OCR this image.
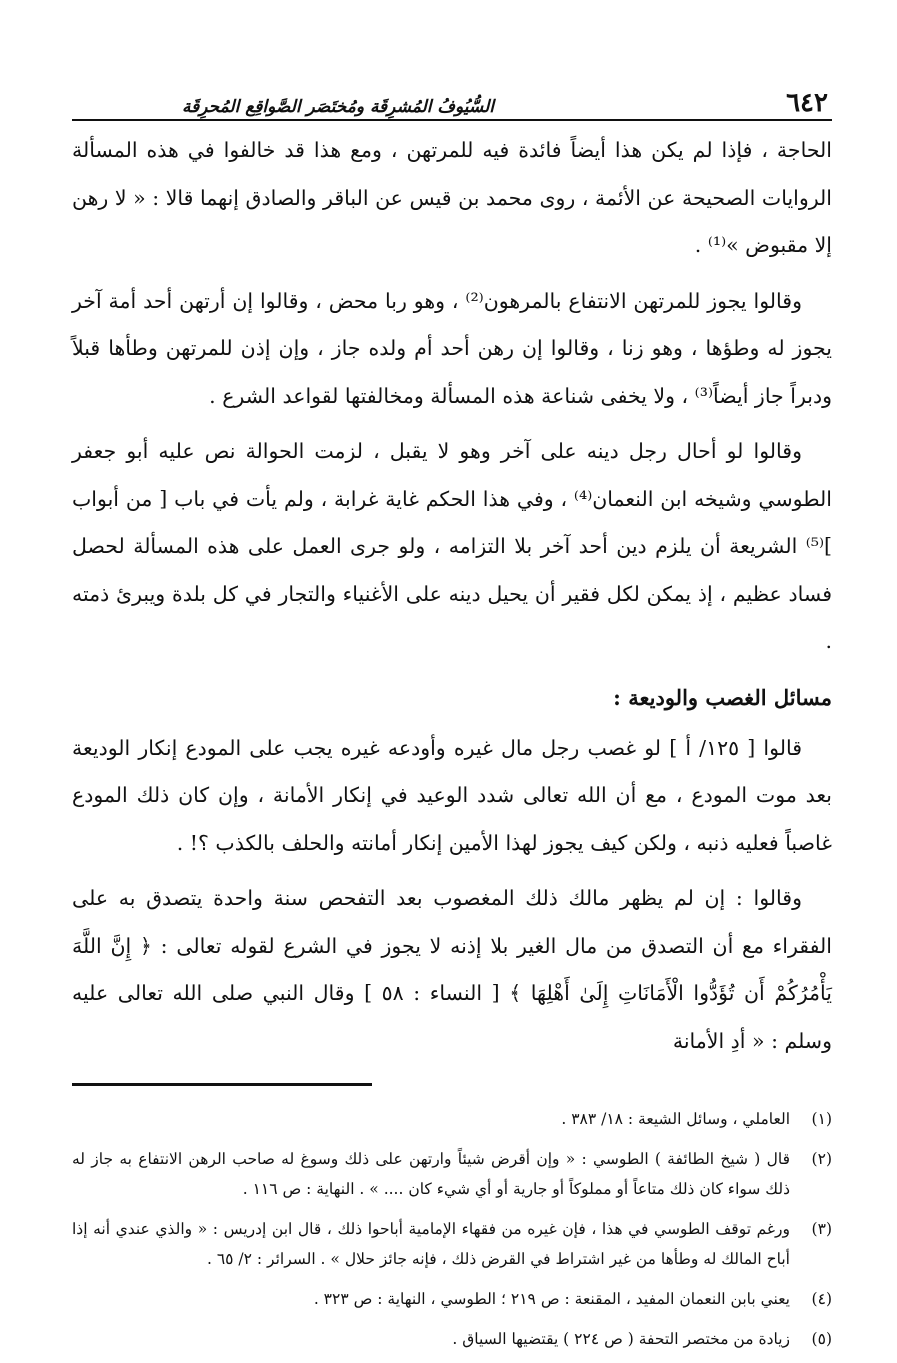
٦٤٢
السُّيُوفُ المُشرِقَة ومُختَصَر الصَّواقِع المُحرِقَة

الحاجة ، فإذا لم يكن هذا أيضاً فائدة فيه للمرتهن ، ومع هذا قد خالفوا في هذه المسألة الروايات الصحيحة عن الأئمة ، روى محمد بن قيس عن الباقر والصادق إنهما قالا : « لا رهن إلا مقبوض »⁽¹⁾ .

وقالوا يجوز للمرتهن الانتفاع بالمرهون⁽²⁾ ، وهو ربا محض ، وقالوا إن أرتهن أحد أمة آخر يجوز له وطؤها ، وهو زنا ، وقالوا إن رهن أحد أم ولده جاز ، وإن إذن للمرتهن وطأها قبلاً ودبراً جاز أيضاً⁽³⁾ ، ولا يخفى شناعة هذه المسألة ومخالفتها لقواعد الشرع .

وقالوا لو أحال رجل دينه على آخر وهو لا يقبل ، لزمت الحوالة نص عليه أبو جعفر الطوسي وشيخه ابن النعمان⁽⁴⁾ ، وفي هذا الحكم غاية غرابة ، ولم يأت في باب [ من أبواب ]⁽⁵⁾ الشريعة أن يلزم دين أحد آخر بلا التزامه ، ولو جرى العمل على هذه المسألة لحصل فساد عظيم ، إذ يمكن لكل فقير أن يحيل دينه على الأغنياء والتجار في كل بلدة ويبرئ ذمته .

مسائل الغصب والوديعة :

قالوا [ ١٢٥/ أ ] لو غصب رجل مال غيره وأودعه غيره يجب على المودع إنكار الوديعة بعد موت المودع ، مع أن الله تعالى شدد الوعيد في إنكار الأمانة ، وإن كان ذلك المودع غاصباً فعليه ذنبه ، ولكن كيف يجوز لهذا الأمين إنكار أمانته والحلف بالكذب ؟! .

وقالوا : إن لم يظهر مالك ذلك المغصوب بعد التفحص سنة واحدة يتصدق به على الفقراء مع أن التصدق من مال الغير بلا إذنه لا يجوز في الشرع لقوله تعالى : ﴿ إِنَّ اللَّهَ يَأْمُرُكُمْ أَن تُؤَدُّوا الْأَمَانَاتِ إِلَىٰ أَهْلِهَا ﴾ [ النساء : ٥٨ ] وقال النبي صلى الله تعالى عليه وسلم : « أدِ الأمانة

(١)
العاملي ، وسائل الشيعة : ١٨/ ٣٨٣ .
(٢)
قال ( شيخ الطائفة ) الطوسي : « وإن أقرض شيئاً وارتهن على ذلك وسوغ له صاحب الرهن الانتفاع به جاز له ذلك سواء كان ذلك متاعاً أو مملوكاً أو جارية أو أي شيء كان .... » . النهاية : ص ١١٦ .
(٣)
ورغم توقف الطوسي في هذا ، فإن غيره من فقهاء الإمامية أباحوا ذلك ، قال ابن إدريس : « والذي عندي أنه إذا أباح المالك له وطأها من غير اشتراط في القرض ذلك ، فإنه جائز حلال » . السرائر : ٢/ ٦٥ .
(٤)
يعني بابن النعمان المفيد ، المقنعة : ص ٢١٩ ؛ الطوسي ، النهاية : ص ٣٢٣ .
(٥)
زيادة من مختصر التحفة ( ص ٢٢٤ ) يقتضيها السياق .
